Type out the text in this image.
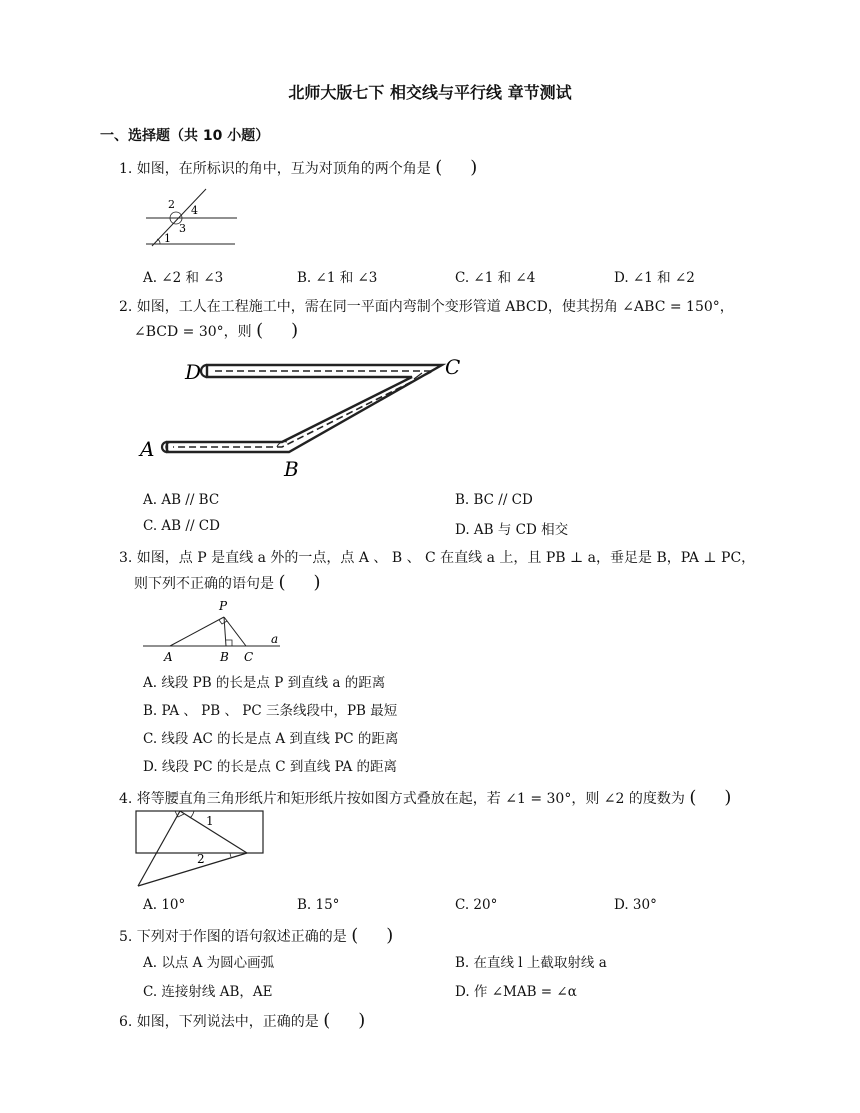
北师大版七下 相交线与平行线 章节测试
一、选择题（共 10 小题）
1. 如图，在所标识的角中，互为对顶角的两个角是 ( )
2 4
3
1
A. ∠2 和 ∠3	B. ∠1 和 ∠3	C. ∠1 和 ∠4	D. ∠1 和 ∠2
2. 如图，工人在工程施工中，需在同一平面内弯制个变形管道 ABCD，使其拐角 ∠ABC = 150°，
∠BCD = 30°，则 ( )
D	C
A
B
A. AB // BC	B. BC // CD
C. AB // CD	D. AB 与 CD 相交
3. 如图，点 P 是直线 a 外的一点，点 A 、 B 、 C 在直线 a 上，且 PB ⊥ a，垂足是 B，PA ⊥ PC，
则下列不正确的语句是 ( )
P
a
A	B C
A. 线段 PB 的长是点 P 到直线 a 的距离
B. PA 、 PB 、 PC 三条线段中，PB 最短
C. 线段 AC 的长是点 A 到直线 PC 的距离
D. 线段 PC 的长是点 C 到直线 PA 的距离
4. 将等腰直角三角形纸片和矩形纸片按如图方式叠放在起，若 ∠1 = 30°，则 ∠2 的度数为 ( )
1
2
A. 10°	B. 15°	C. 20°	D. 30°
5. 下列对于作图的语句叙述正确的是 ( )
A. 以点 A 为圆心画弧	B. 在直线 l 上截取射线 a
C. 连接射线 AB，AE	D. 作 ∠MAB = ∠α
6. 如图，下列说法中，正确的是 ( )
